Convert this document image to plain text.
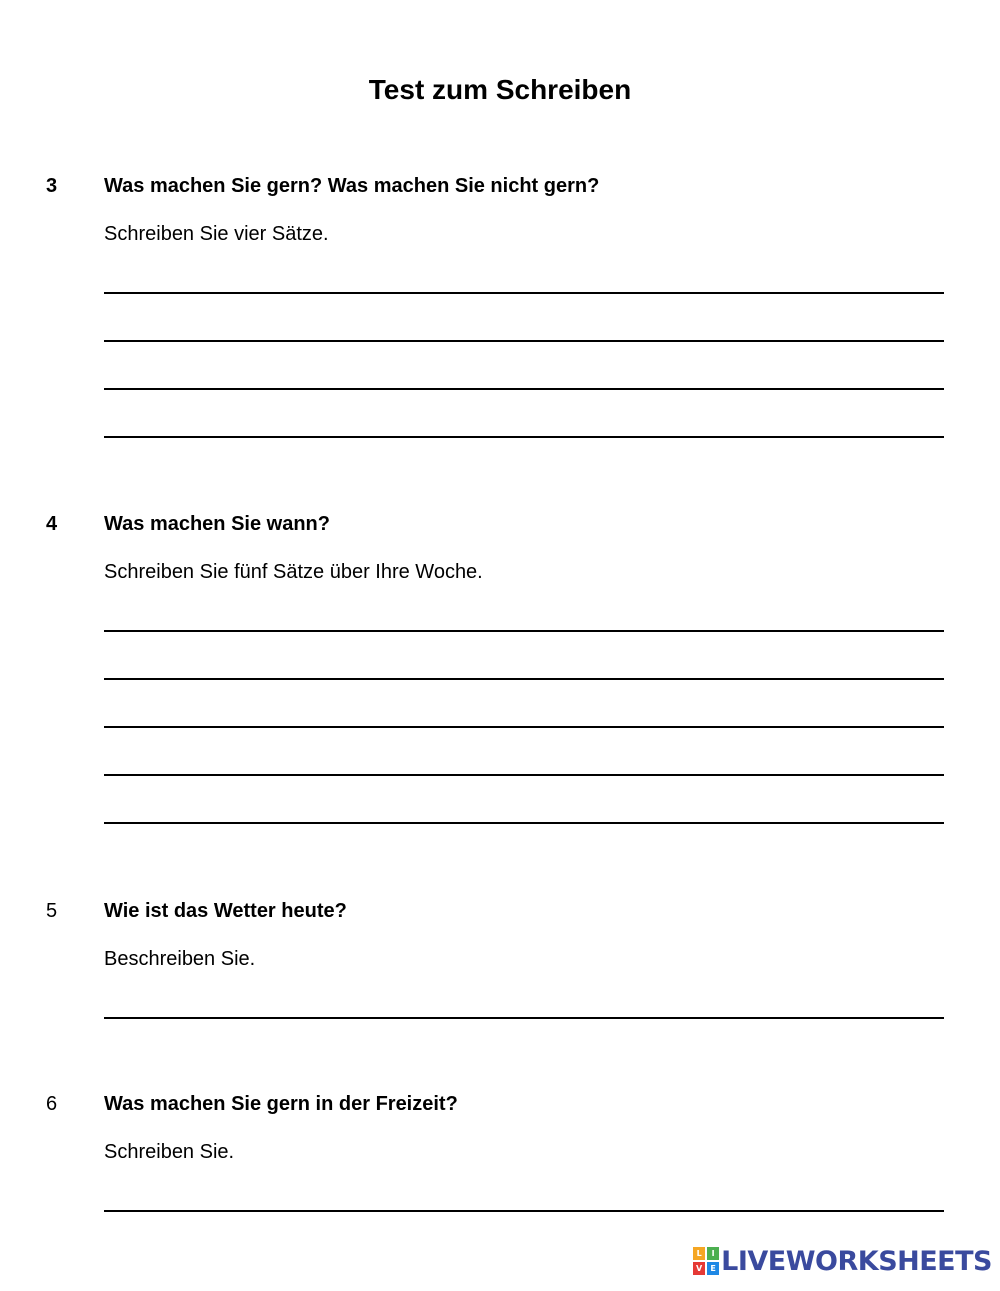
Test zum Schreiben
3 Was machen Sie gern? Was machen Sie nicht gern?
Schreiben Sie vier Sätze.
4 Was machen Sie wann?
Schreiben Sie fünf Sätze über Ihre Woche.
5 Wie ist das Wetter heute?
Beschreiben Sie.
6 Was machen Sie gern in der Freizeit?
Schreiben Sie.
L	I
V	E LIVEWORKSHEETS
